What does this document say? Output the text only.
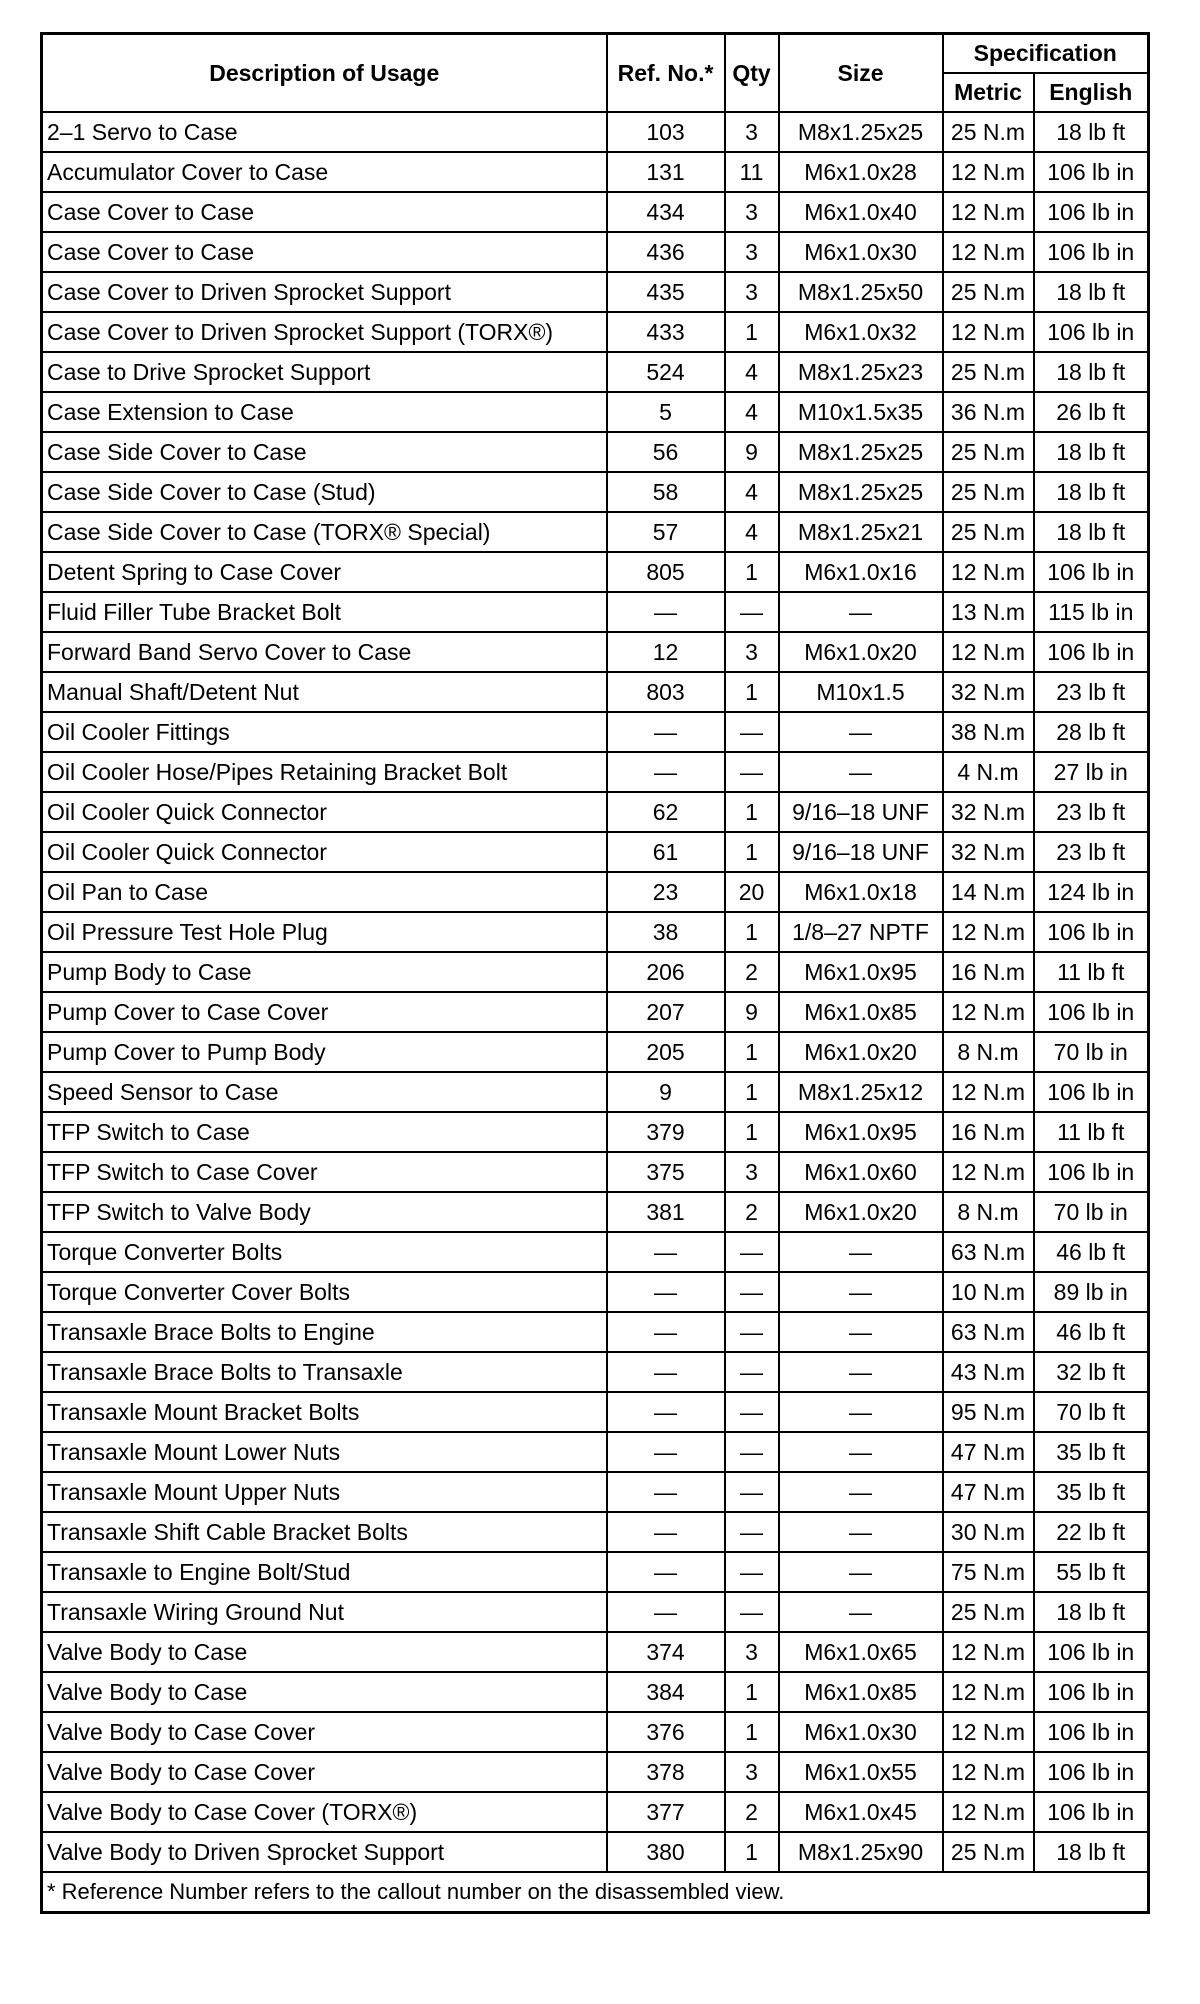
Description of Usage	Ref. No.*	Qty	Size	Specification	
				Metric	English
2–1 Servo to Case	103	3	M8x1.25x25	25 N.m	18 lb ft
Accumulator Cover to Case	131	11	M6x1.0x28	12 N.m	106 lb in
Case Cover to Case	434	3	M6x1.0x40	12 N.m	106 lb in
Case Cover to Case	436	3	M6x1.0x30	12 N.m	106 lb in
Case Cover to Driven Sprocket Support	435	3	M8x1.25x50	25 N.m	18 lb ft
Case Cover to Driven Sprocket Support (TORX®)	433	1	M6x1.0x32	12 N.m	106 lb in
Case to Drive Sprocket Support	524	4	M8x1.25x23	25 N.m	18 lb ft
Case Extension to Case	5	4	M10x1.5x35	36 N.m	26 lb ft
Case Side Cover to Case	56	9	M8x1.25x25	25 N.m	18 lb ft
Case Side Cover to Case (Stud)	58	4	M8x1.25x25	25 N.m	18 lb ft
Case Side Cover to Case (TORX® Special)	57	4	M8x1.25x21	25 N.m	18 lb ft
Detent Spring to Case Cover	805	1	M6x1.0x16	12 N.m	106 lb in
Fluid Filler Tube Bracket Bolt	—	—	—	13 N.m	115 lb in
Forward Band Servo Cover to Case	12	3	M6x1.0x20	12 N.m	106 lb in
Manual Shaft/Detent Nut	803	1	M10x1.5	32 N.m	23 lb ft
Oil Cooler Fittings	—	—	—	38 N.m	28 lb ft
Oil Cooler Hose/Pipes Retaining Bracket Bolt	—	—	—	4 N.m	27 lb in
Oil Cooler Quick Connector	62	1	9/16–18 UNF	32 N.m	23 lb ft
Oil Cooler Quick Connector	61	1	9/16–18 UNF	32 N.m	23 lb ft
Oil Pan to Case	23	20	M6x1.0x18	14 N.m	124 lb in
Oil Pressure Test Hole Plug	38	1	1/8–27 NPTF	12 N.m	106 lb in
Pump Body to Case	206	2	M6x1.0x95	16 N.m	11 lb ft
Pump Cover to Case Cover	207	9	M6x1.0x85	12 N.m	106 lb in
Pump Cover to Pump Body	205	1	M6x1.0x20	8 N.m	70 lb in
Speed Sensor to Case	9	1	M8x1.25x12	12 N.m	106 lb in
TFP Switch to Case	379	1	M6x1.0x95	16 N.m	11 lb ft
TFP Switch to Case Cover	375	3	M6x1.0x60	12 N.m	106 lb in
TFP Switch to Valve Body	381	2	M6x1.0x20	8 N.m	70 lb in
Torque Converter Bolts	—	—	—	63 N.m	46 lb ft
Torque Converter Cover Bolts	—	—	—	10 N.m	89 lb in
Transaxle Brace Bolts to Engine	—	—	—	63 N.m	46 lb ft
Transaxle Brace Bolts to Transaxle	—	—	—	43 N.m	32 lb ft
Transaxle Mount Bracket Bolts	—	—	—	95 N.m	70 lb ft
Transaxle Mount Lower Nuts	—	—	—	47 N.m	35 lb ft
Transaxle Mount Upper Nuts	—	—	—	47 N.m	35 lb ft
Transaxle Shift Cable Bracket Bolts	—	—	—	30 N.m	22 lb ft
Transaxle to Engine Bolt/Stud	—	—	—	75 N.m	55 lb ft
Transaxle Wiring Ground Nut	—	—	—	25 N.m	18 lb ft
Valve Body to Case	374	3	M6x1.0x65	12 N.m	106 lb in
Valve Body to Case	384	1	M6x1.0x85	12 N.m	106 lb in
Valve Body to Case Cover	376	1	M6x1.0x30	12 N.m	106 lb in
Valve Body to Case Cover	378	3	M6x1.0x55	12 N.m	106 lb in
Valve Body to Case Cover (TORX®)	377	2	M6x1.0x45	12 N.m	106 lb in
Valve Body to Driven Sprocket Support	380	1	M8x1.25x90	25 N.m	18 lb ft
* Reference Number refers to the callout number on the disassembled view.					
